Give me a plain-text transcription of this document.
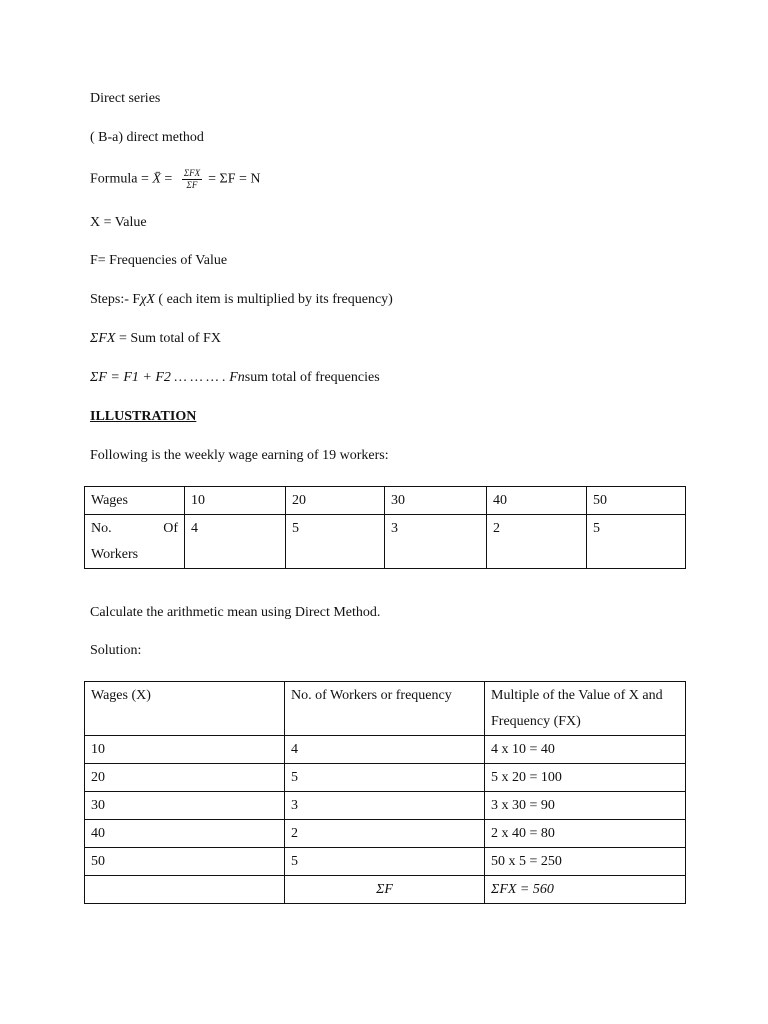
Direct series
( B-a) direct method
Formula = X̄ = $\frac{\text{ΣFX}}{\Sigma F} = \Sigma F = N$
X = Value
F= Frequencies of Value
Steps:- FχX ( each item is multiplied by its frequency)
ΣFX = Sum total of FX
ΣF = F1 + F2 … … … . Fnsum total of frequencies
ILLUSTRATION
Following is the weekly wage earning of 19 workers:
Wages	10	20	30	40	50

No. Of
Workers	4	5	3	2	5
Calculate the arithmetic mean using Direct Method.
Solution:
Wages (X)	No. of Workers or frequency	Multiple of the Value of X and Frequency (FX)
10	4	4 x 10 = 40
20	5	5 x 20 = 100
30	3	3 x 30 = 90
40	2	2 x 40 = 80
50	5	50 x 5 = 250
	ΣF	ΣFX = 560
